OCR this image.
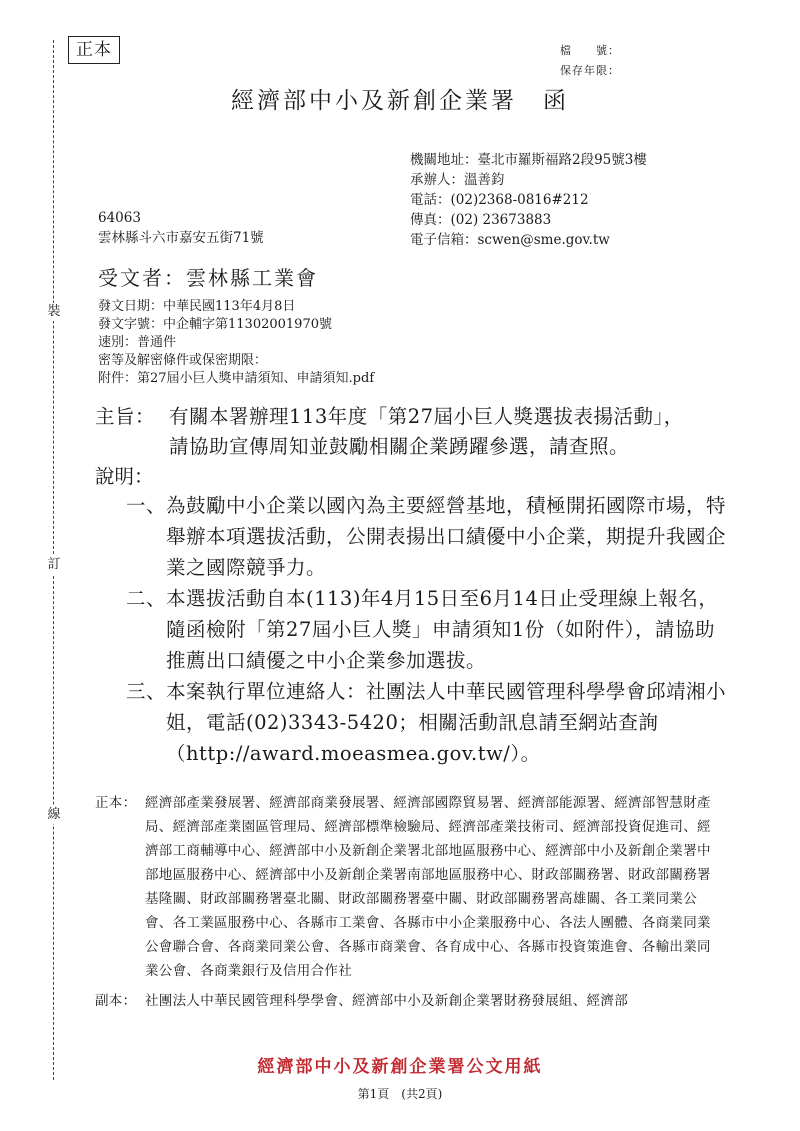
裝
訂
線
正本	檔　　號：
保存年限：
經濟部中小及新創企業署　函
機關地址：臺北市羅斯福路2段95號3樓
承辦人：溫善鈞
電話：(02)2368-0816#212
傳真：(02) 23673883
電子信箱：scwen@sme.gov.tw
64063
雲林縣斗六市嘉安五街71號
受文者：雲林縣工業會
發文日期：中華民國113年4月8日
發文字號：中企輔字第11302001970號
速別：普通件
密等及解密條件或保密期限：
附件：第27屆小巨人獎申請須知、申請須知.pdf
主旨： 有關本署辦理113年度「第27屆小巨人獎選拔表揚活動」，
請協助宣傳周知並鼓勵相關企業踴躍參選，請查照。
說明：
一、 為鼓勵中小企業以國內為主要經營基地，積極開拓國際市場，特舉辦本項選拔活動，公開表揚出口績優中小企業，期提升我國企業之國際競爭力。
二、 本選拔活動自本(113)年4月15日至6月14日止受理線上報名，隨函檢附「第27屆小巨人獎」申請須知1份（如附件），請協助推薦出口績優之中小企業參加選拔。
三、 本案執行單位連絡人：社團法人中華民國管理科學學會邱靖湘小姐，電話(02)3343-5420；相關活動訊息請至網站查詢（http://award.moeasmea.gov.tw/）。
正本： 經濟部產業發展署、經濟部商業發展署、經濟部國際貿易署、經濟部能源署、經濟部智慧財產局、經濟部產業園區管理局、經濟部標準檢驗局、經濟部產業技術司、經濟部投資促進司、經濟部工商輔導中心、經濟部中小及新創企業署北部地區服務中心、經濟部中小及新創企業署中部地區服務中心、經濟部中小及新創企業署南部地區服務中心、財政部關務署、財政部關務署基隆關、財政部關務署臺北關、財政部關務署臺中關、財政部關務署高雄關、各工業同業公會、各工業區服務中心、各縣市工業會、各縣市中小企業服務中心、各法人團體、各商業同業公會聯合會、各商業同業公會、各縣市商業會、各育成中心、各縣市投資策進會、各輸出業同業公會、各商業銀行及信用合作社
副本： 社團法人中華民國管理科學學會、經濟部中小及新創企業署財務發展組、經濟部
經濟部中小及新創企業署公文用紙
第1頁　(共2頁)
